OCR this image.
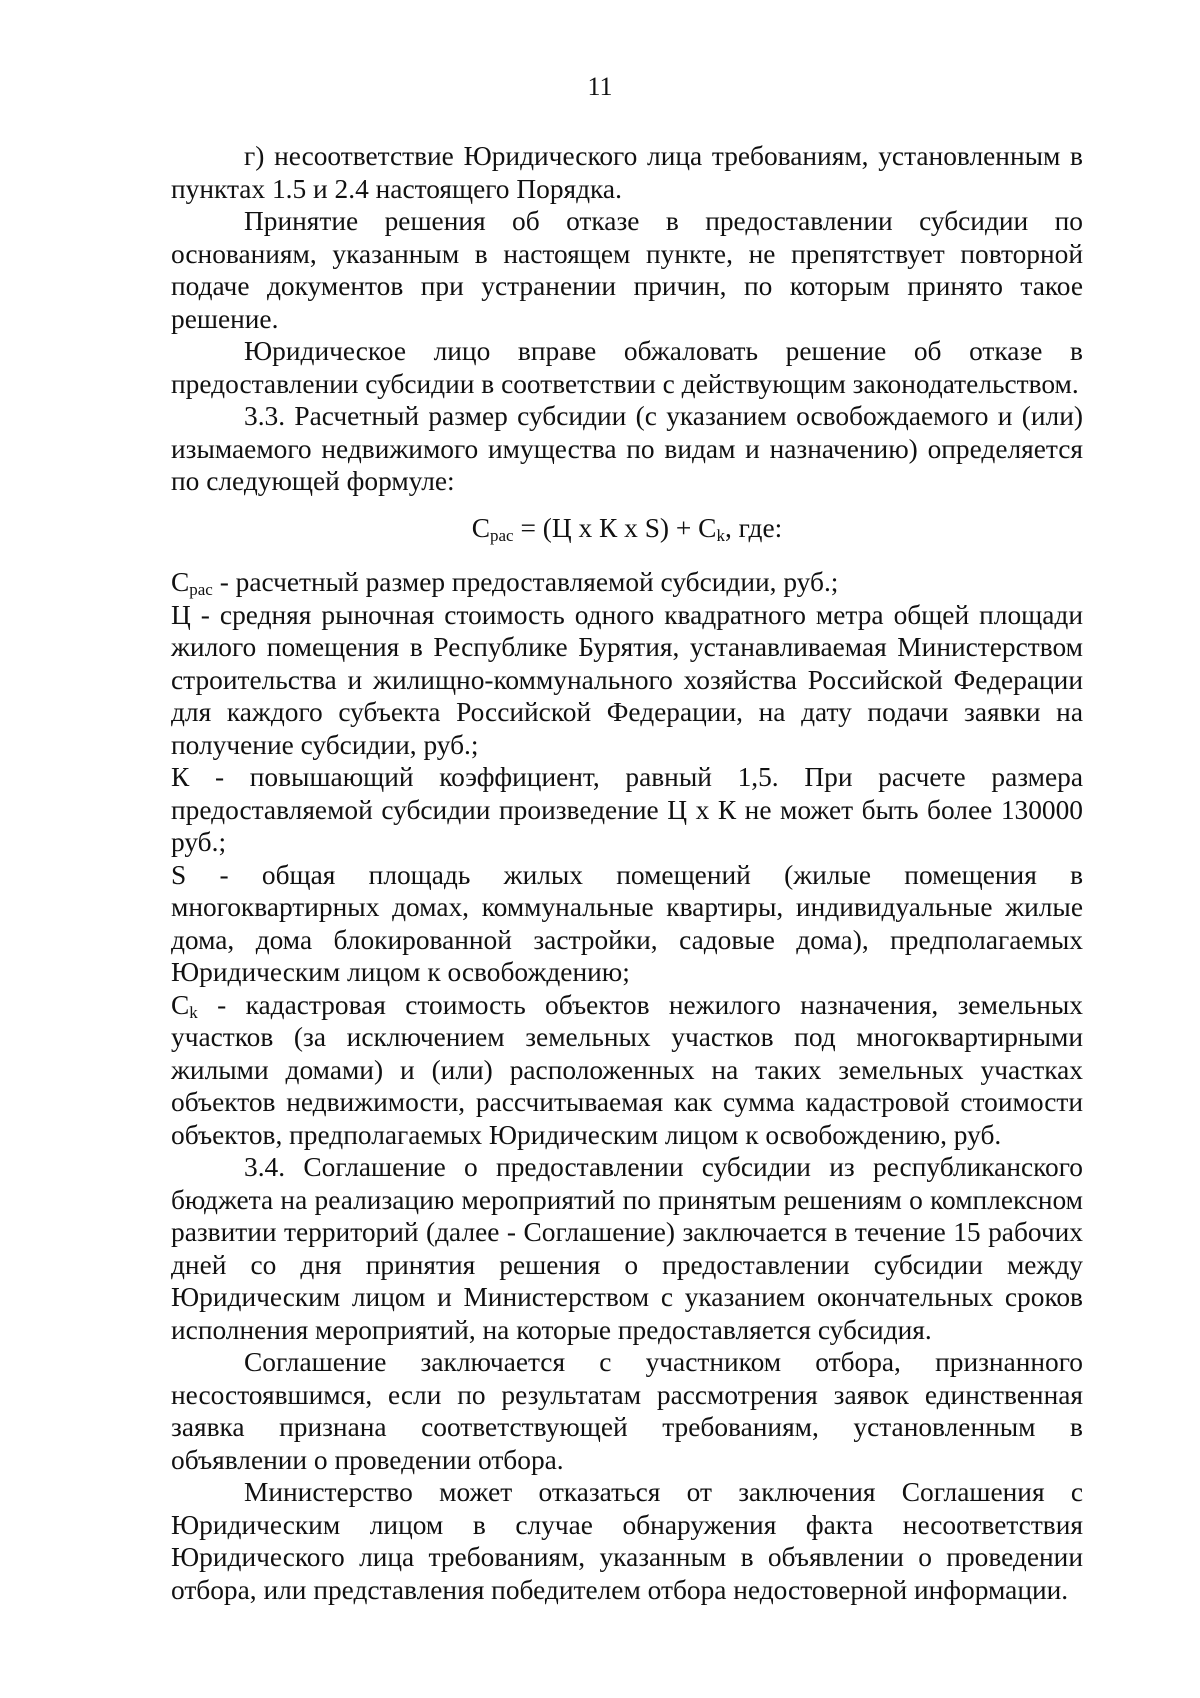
11

г) несоответствие Юридического лица требованиям, установленным в пунктах 1.5 и 2.4 настоящего Порядка.

Принятие решения об отказе в предоставлении субсидии по основаниям, указанным в настоящем пункте, не препятствует повторной подаче документов при устранении причин, по которым принято такое решение.

Юридическое лицо вправе обжаловать решение об отказе в предоставлении субсидии в соответствии с действующим законодательством.

3.3. Расчетный размер субсидии (с указанием освобождаемого и (или) изымаемого недвижимого имущества по видам и назначению) определяется по следующей формуле:

$С_{рас} = (Ц$ х К х $S) + С_k$, где:

$С_{рас}$ - расчетный размер предоставляемой субсидии, руб.;

Ц - средняя рыночная стоимость одного квадратного метра общей площади жилого помещения в Республике Бурятия, устанавливаемая Министерством строительства и жилищно-коммунального хозяйства Российской Федерации для каждого субъекта Российской Федерации, на дату подачи заявки на получение субсидии, руб.;

К - повышающий коэффициент, равный 1,5. При расчете размера предоставляемой субсидии произведение Ц х К не может быть более 130000 руб.;

S - общая площадь жилых помещений (жилые помещения в многоквартирных домах, коммунальные квартиры, индивидуальные жилые дома, дома блокированной застройки, садовые дома), предполагаемых Юридическим лицом к освобождению;

$С_k$ - кадастровая стоимость объектов нежилого назначения, земельных участков (за исключением земельных участков под многоквартирными жилыми домами) и (или) расположенных на таких земельных участках объектов недвижимости, рассчитываемая как сумма кадастровой стоимости объектов, предполагаемых Юридическим лицом к освобождению, руб.

3.4. Соглашение о предоставлении субсидии из республиканского бюджета на реализацию мероприятий по принятым решениям о комплексном развитии территорий (далее - Соглашение) заключается в течение 15 рабочих дней со дня принятия решения о предоставлении субсидии между Юридическим лицом и Министерством с указанием окончательных сроков исполнения мероприятий, на которые предоставляется субсидия.

Соглашение заключается с участником отбора, признанного несостоявшимся, если по результатам рассмотрения заявок единственная заявка признана соответствующей требованиям, установленным в объявлении о проведении отбора.

Министерство может отказаться от заключения Соглашения с Юридическим лицом в случае обнаружения факта несоответствия Юридического лица требованиям, указанным в объявлении о проведении отбора, или представления победителем отбора недостоверной информации.
